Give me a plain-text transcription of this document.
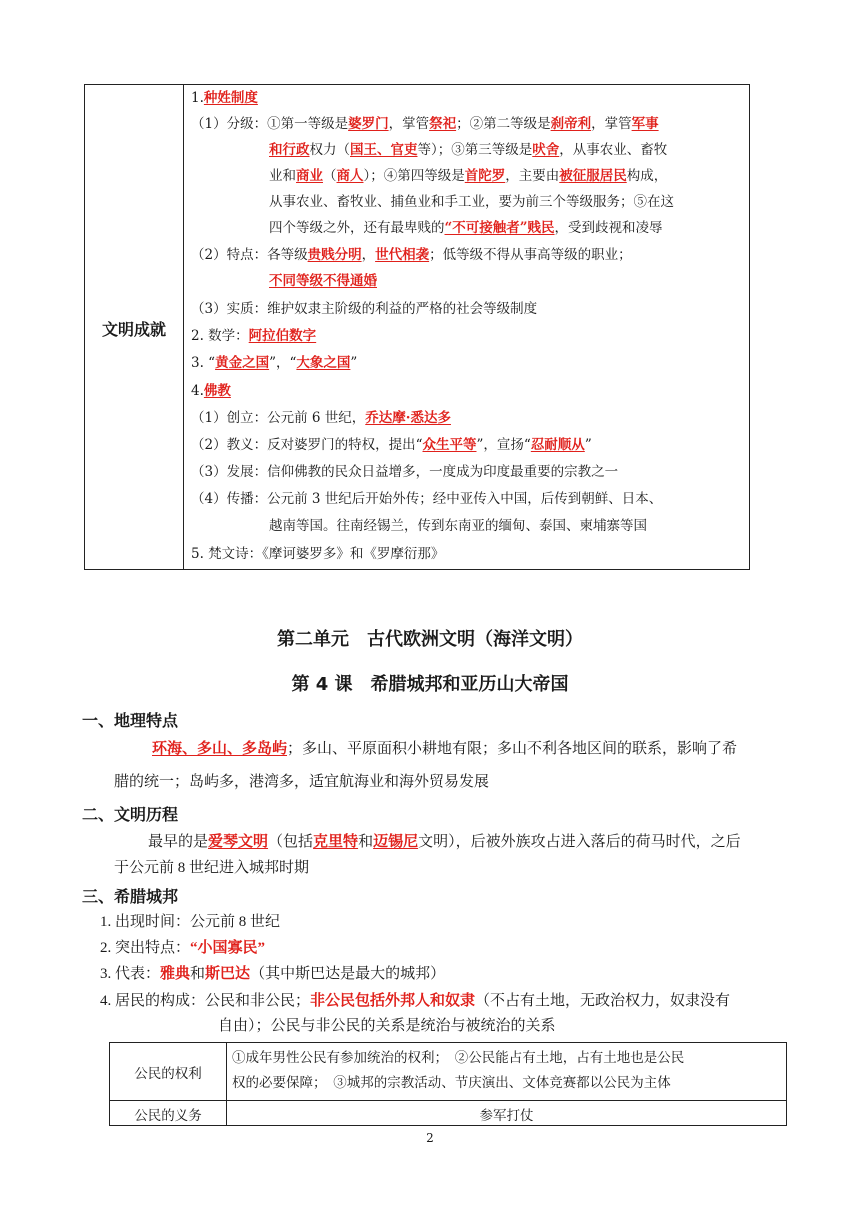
文明成就
1.种姓制度
（1）分级：①第一等级是婆罗门，掌管祭祀；②第二等级是刹帝利，掌管军事
和行政权力（国王、官吏等）；③第三等级是吠舍，从事农业、畜牧
业和商业（商人）；④第四等级是首陀罗，主要由被征服居民构成，
从事农业、畜牧业、捕鱼业和手工业，要为前三个等级服务；⑤在这
四个等级之外，还有最卑贱的“不可接触者”贱民，受到歧视和凌辱
（2）特点：各等级贵贱分明，世代相袭；低等级不得从事高等级的职业；
不同等级不得通婚
（3）实质：维护奴隶主阶级的利益的严格的社会等级制度
2. 数学：阿拉伯数字
3. “黄金之国”，“大象之国”
4.佛教
（1）创立：公元前 6 世纪，乔达摩·悉达多
（2）教义：反对婆罗门的特权，提出“众生平等”，宣扬“忍耐顺从”
（3）发展：信仰佛教的民众日益增多，一度成为印度最重要的宗教之一
（4）传播：公元前 3 世纪后开始外传；经中亚传入中国，后传到朝鲜、日本、
越南等国。往南经锡兰，传到东南亚的缅甸、泰国、柬埔寨等国
5. 梵文诗：《摩诃婆罗多》和《罗摩衍那》
第二单元　古代欧洲文明（海洋文明）
第 4 课　希腊城邦和亚历山大帝国
一、地理特点
环海、多山、多岛屿；多山、平原面积小耕地有限；多山不利各地区间的联系，影响了希
腊的统一；岛屿多，港湾多，适宜航海业和海外贸易发展
二、文明历程
最早的是爱琴文明（包括克里特和迈锡尼文明），后被外族攻占进入落后的荷马时代，之后
于公元前 8 世纪进入城邦时期
三、希腊城邦
1. 出现时间：公元前 8 世纪
2. 突出特点：“小国寡民”
3. 代表：雅典和斯巴达（其中斯巴达是最大的城邦）
4. 居民的构成：公民和非公民；非公民包括外邦人和奴隶（不占有土地，无政治权力，奴隶没有
自由）；公民与非公民的关系是统治与被统治的关系
公民的权利
①成年男性公民有参加统治的权利；　②公民能占有土地，占有土地也是公民
权的必要保障；　③城邦的宗教活动、节庆演出、文体竞赛都以公民为主体
公民的义务	参军打仗
2
